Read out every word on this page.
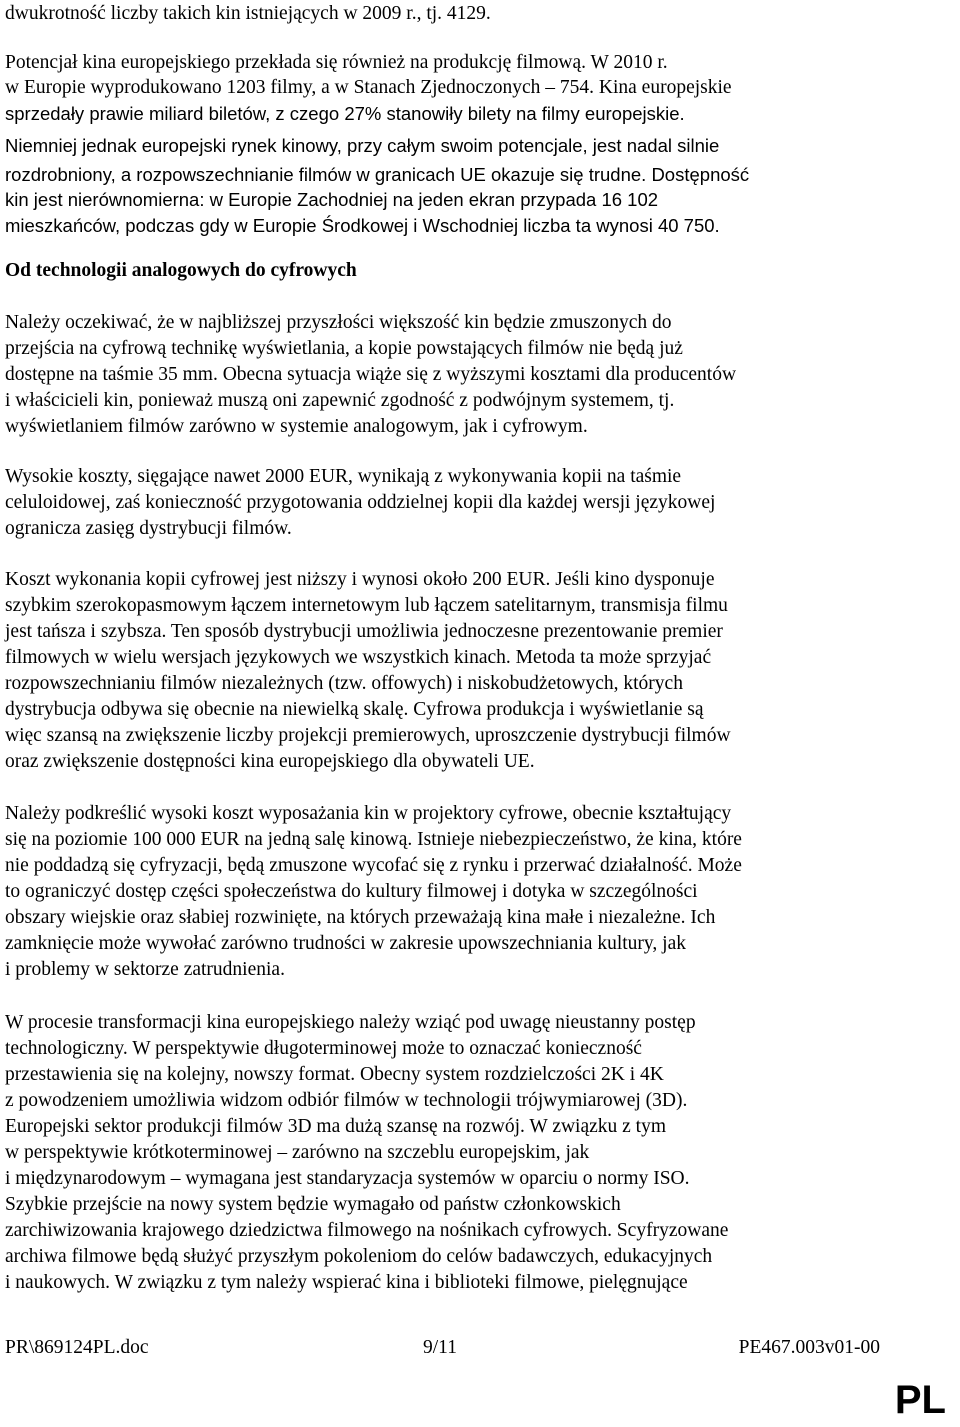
dwukrotność liczby takich kin istniejących w 2009 r., tj. 4129.
Potencjał kina europejskiego przekłada się również na produkcję filmową. W 2010 r.
w Europie wyprodukowano 1203 filmy, a w Stanach Zjednoczonych – 754. Kina europejskie
sprzedały prawie miliard biletów, z czego 27% stanowiły bilety na filmy europejskie.
Niemniej jednak europejski rynek kinowy, przy całym swoim potencjale, jest nadal silnie
rozdrobniony, a rozpowszechnianie filmów w granicach UE okazuje się trudne. Dostępność
kin jest nierównomierna: w Europie Zachodniej na jeden ekran przypada 16 102
mieszkańców, podczas gdy w Europie Środkowej i Wschodniej liczba ta wynosi 40 750.
Od technologii analogowych do cyfrowych
Należy oczekiwać, że w najbliższej przyszłości większość kin będzie zmuszonych do
przejścia na cyfrową technikę wyświetlania, a kopie powstających filmów nie będą już
dostępne na taśmie 35 mm. Obecna sytuacja wiąże się z wyższymi kosztami dla producentów
i właścicieli kin, ponieważ muszą oni zapewnić zgodność z podwójnym systemem, tj.
wyświetlaniem filmów zarówno w systemie analogowym, jak i cyfrowym.
Wysokie koszty, sięgające nawet 2000 EUR, wynikają z wykonywania kopii na taśmie
celuloidowej, zaś konieczność przygotowania oddzielnej kopii dla każdej wersji językowej
ogranicza zasięg dystrybucji filmów.
Koszt wykonania kopii cyfrowej jest niższy i wynosi około 200 EUR. Jeśli kino dysponuje
szybkim szerokopasmowym łączem internetowym lub łączem satelitarnym, transmisja filmu
jest tańsza i szybsza. Ten sposób dystrybucji umożliwia jednoczesne prezentowanie premier
filmowych w wielu wersjach językowych we wszystkich kinach. Metoda ta może sprzyjać
rozpowszechnianiu filmów niezależnych (tzw. offowych) i niskobudżetowych, których
dystrybucja odbywa się obecnie na niewielką skalę. Cyfrowa produkcja i wyświetlanie są
więc szansą na zwiększenie liczby projekcji premierowych, uproszczenie dystrybucji filmów
oraz zwiększenie dostępności kina europejskiego dla obywateli UE.
Należy podkreślić wysoki koszt wyposażania kin w projektory cyfrowe, obecnie kształtujący
się na poziomie 100 000 EUR na jedną salę kinową. Istnieje niebezpieczeństwo, że kina, które
nie poddadzą się cyfryzacji, będą zmuszone wycofać się z rynku i przerwać działalność. Może
to ograniczyć dostęp części społeczeństwa do kultury filmowej i dotyka w szczególności
obszary wiejskie oraz słabiej rozwinięte, na których przeważają kina małe i niezależne. Ich
zamknięcie może wywołać zarówno trudności w zakresie upowszechniania kultury, jak
i problemy w sektorze zatrudnienia.
W procesie transformacji kina europejskiego należy wziąć pod uwagę nieustanny postęp
technologiczny. W perspektywie długoterminowej może to oznaczać konieczność
przestawienia się na kolejny, nowszy format. Obecny system rozdzielczości 2K i 4K
z powodzeniem umożliwia widzom odbiór filmów w technologii trójwymiarowej (3D).
Europejski sektor produkcji filmów 3D ma dużą szansę na rozwój. W związku z tym
w perspektywie krótkoterminowej – zarówno na szczeblu europejskim, jak
i międzynarodowym – wymagana jest standaryzacja systemów w oparciu o normy ISO.
Szybkie przejście na nowy system będzie wymagało od państw członkowskich
zarchiwizowania krajowego dziedzictwa filmowego na nośnikach cyfrowych. Scyfryzowane
archiwa filmowe będą służyć przyszłym pokoleniom do celów badawczych, edukacyjnych
i naukowych. W związku z tym należy wspierać kina i biblioteki filmowe, pielęgnujące
PR\869124PL.doc	9/11	PE467.003v01-00
PL
